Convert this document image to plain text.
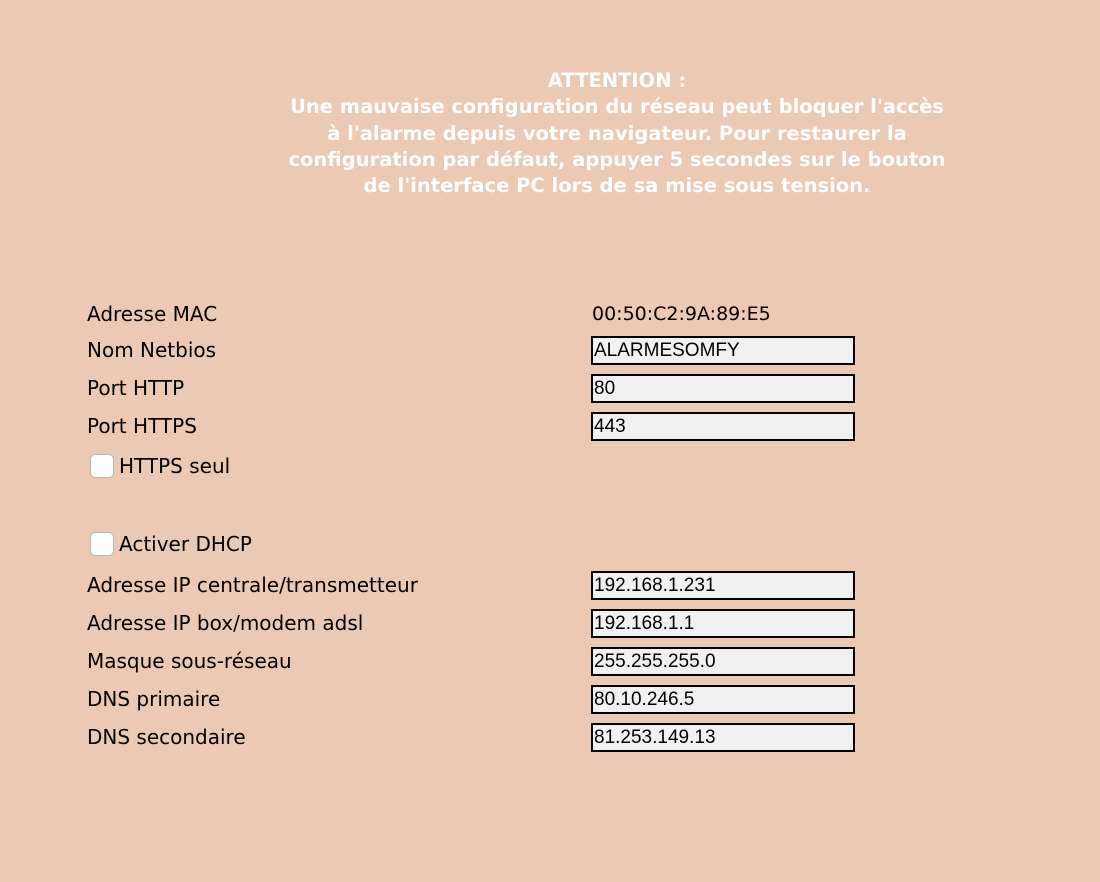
ATTENTION :
Une mauvaise configuration du réseau peut bloquer l'accès à l'alarme depuis votre navigateur. Pour restaurer la configuration par défaut, appuyer 5 secondes sur le bouton de l'interface PC lors de sa mise sous tension.
Adresse MAC	00:50:C2:9A:89:E5
Nom Netbios
ALARMESOMFY
Port HTTP
80
Port HTTPS
443
HTTPS seul
Activer DHCP
Adresse IP centrale/transmetteur
192.168.1.231
Adresse IP box/modem adsl
192.168.1.1
Masque sous-réseau
255.255.255.0
DNS primaire
80.10.246.5
DNS secondaire
81.253.149.13
